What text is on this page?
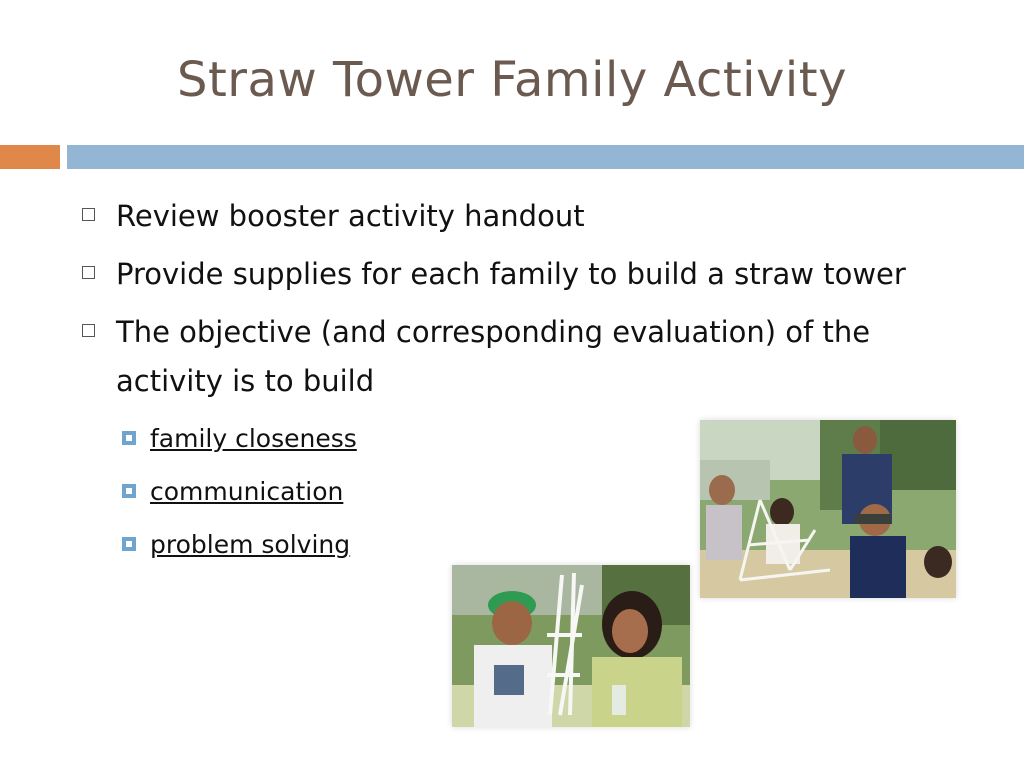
Straw Tower Family Activity
Review booster activity handout
Provide supplies for each family to build a straw tower
The objective (and corresponding evaluation) of the activity is to build
family closeness
communication
problem solving
